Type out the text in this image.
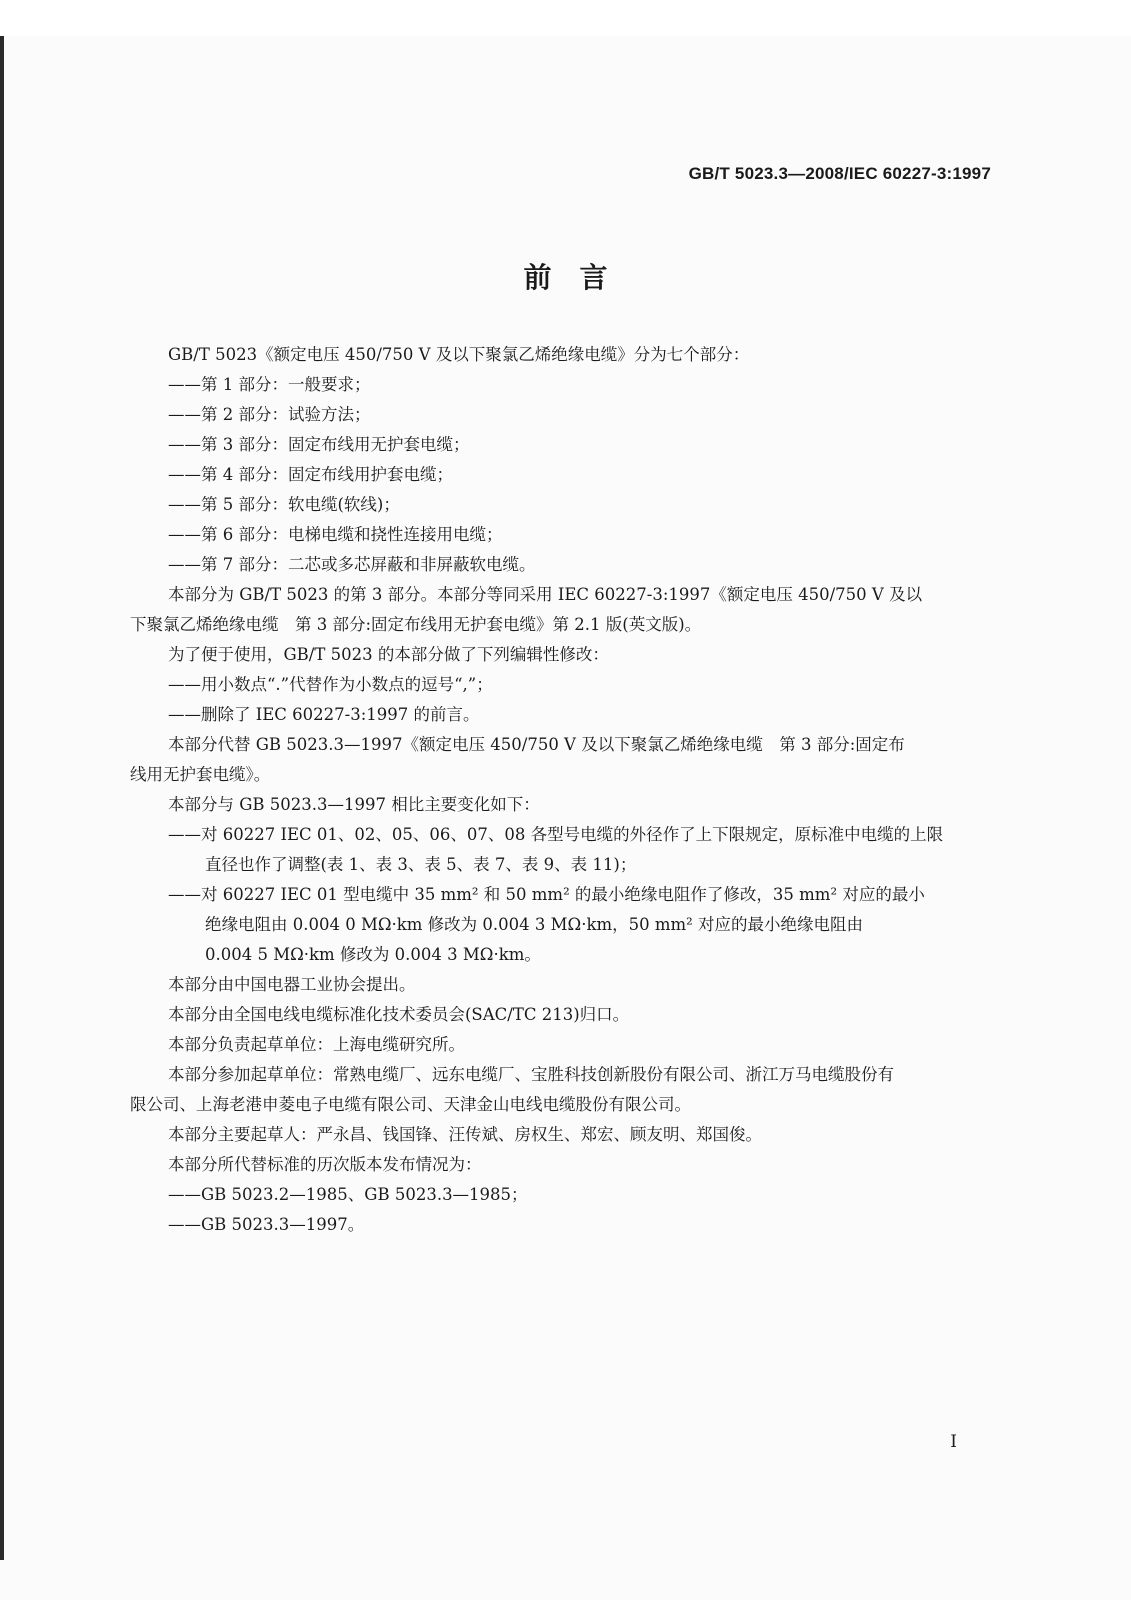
GB/T 5023.3—2008/IEC 60227-3:1997
前言

GB/T 5023《额定电压 450/750 V 及以下聚氯乙烯绝缘电缆》分为七个部分：

——第 1 部分：一般要求；

——第 2 部分：试验方法；

——第 3 部分：固定布线用无护套电缆；

——第 4 部分：固定布线用护套电缆；

——第 5 部分：软电缆(软线)；

——第 6 部分：电梯电缆和挠性连接用电缆；

——第 7 部分：二芯或多芯屏蔽和非屏蔽软电缆。

本部分为 GB/T 5023 的第 3 部分。本部分等同采用 IEC 60227-3:1997《额定电压 450/750 V 及以

下聚氯乙烯绝缘电缆　第 3 部分:固定布线用无护套电缆》第 2.1 版(英文版)。

为了便于使用，GB/T 5023 的本部分做了下列编辑性修改：

——用小数点“.”代替作为小数点的逗号“,”；

——删除了 IEC 60227-3:1997 的前言。

本部分代替 GB 5023.3—1997《额定电压 450/750 V 及以下聚氯乙烯绝缘电缆　第 3 部分:固定布

线用无护套电缆》。

本部分与 GB 5023.3—1997 相比主要变化如下：

——对 60227 IEC 01、02、05、06、07、08 各型号电缆的外径作了上下限规定，原标准中电缆的上限

直径也作了调整(表 1、表 3、表 5、表 7、表 9、表 11)；

——对 60227 IEC 01 型电缆中 35 mm² 和 50 mm² 的最小绝缘电阻作了修改，35 mm² 对应的最小

绝缘电阻由 0.004 0 MΩ·km 修改为 0.004 3 MΩ·km，50 mm² 对应的最小绝缘电阻由

0.004 5 MΩ·km 修改为 0.004 3 MΩ·km。

本部分由中国电器工业协会提出。

本部分由全国电线电缆标准化技术委员会(SAC/TC 213)归口。

本部分负责起草单位：上海电缆研究所。

本部分参加起草单位：常熟电缆厂、远东电缆厂、宝胜科技创新股份有限公司、浙江万马电缆股份有

限公司、上海老港申菱电子电缆有限公司、天津金山电线电缆股份有限公司。

本部分主要起草人：严永昌、钱国锋、汪传斌、房权生、郑宏、顾友明、郑国俊。

本部分所代替标准的历次版本发布情况为：

——GB 5023.2—1985、GB 5023.3—1985；

——GB 5023.3—1997。

I
